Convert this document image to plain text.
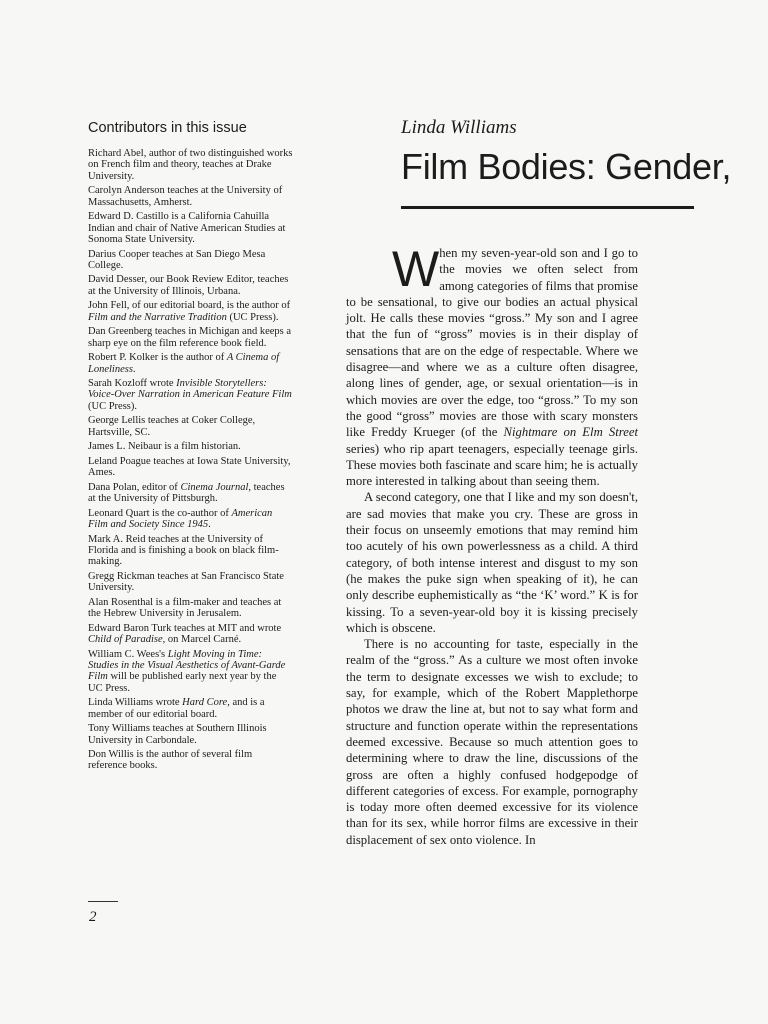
Contributors in this issue
Richard Abel, author of two distinguished works on French film and theory, teaches at Drake University.
Carolyn Anderson teaches at the University of Massachusetts, Amherst.
Edward D. Castillo is a California Cahuilla Indian and chair of Native American Studies at Sonoma State University.
Darius Cooper teaches at San Diego Mesa College.
David Desser, our Book Review Editor, teaches at the University of Illinois, Urbana.
John Fell, of our editorial board, is the author of Film and the Narrative Tradition (UC Press).
Dan Greenberg teaches in Michigan and keeps a sharp eye on the film reference book field.
Robert P. Kolker is the author of A Cinema of Loneliness.
Sarah Kozloff wrote Invisible Storytellers: Voice-Over Narration in American Feature Film (UC Press).
George Lellis teaches at Coker College, Hartsville, SC.
James L. Neibaur is a film historian.
Leland Poague teaches at Iowa State University, Ames.
Dana Polan, editor of Cinema Journal, teaches at the University of Pittsburgh.
Leonard Quart is the co-author of American Film and Society Since 1945.
Mark A. Reid teaches at the University of Florida and is finishing a book on black film-making.
Gregg Rickman teaches at San Francisco State University.
Alan Rosenthal is a film-maker and teaches at the Hebrew University in Jerusalem.
Edward Baron Turk teaches at MIT and wrote Child of Paradise, on Marcel Carné.
William C. Wees's Light Moving in Time: Studies in the Visual Aesthetics of Avant-Garde Film will be published early next year by the UC Press.
Linda Williams wrote Hard Core, and is a member of our editorial board.
Tony Williams teaches at Southern Illinois University in Carbondale.
Don Willis is the author of several film reference books.
Linda Williams
Film Bodies: Gender,

When my seven-year-old son and I go to the movies we often select from among categories of films that promise to be sensational, to give our bodies an actual physical jolt. He calls these movies “gross.” My son and I agree that the fun of “gross” movies is in their display of sensations that are on the edge of respectable. Where we disagree—and where we as a culture often disagree, along lines of gender, age, or sexual orientation—is in which movies are over the edge, too “gross.” To my son the good “gross” movies are those with scary monsters like Freddy Krueger (of the Nightmare on Elm Street series) who rip apart teenagers, especially teenage girls. These movies both fascinate and scare him; he is actually more interested in talking about than seeing them.

A second category, one that I like and my son doesn't, are sad movies that make you cry. These are gross in their focus on unseemly emotions that may remind him too acutely of his own powerlessness as a child. A third category, of both intense interest and disgust to my son (he makes the puke sign when speaking of it), he can only describe euphemistically as “the ‘K’ word.” K is for kissing. To a seven-year-old boy it is kissing precisely which is obscene.

There is no accounting for taste, especially in the realm of the “gross.” As a culture we most often invoke the term to designate excesses we wish to exclude; to say, for example, which of the Robert Mapplethorpe photos we draw the line at, but not to say what form and structure and function operate within the representations deemed excessive. Because so much attention goes to determining where to draw the line, discussions of the gross are often a highly confused hodgepodge of different categories of excess. For example, pornography is today more often deemed excessive for its violence than for its sex, while horror films are excessive in their displacement of sex onto violence. In

2
